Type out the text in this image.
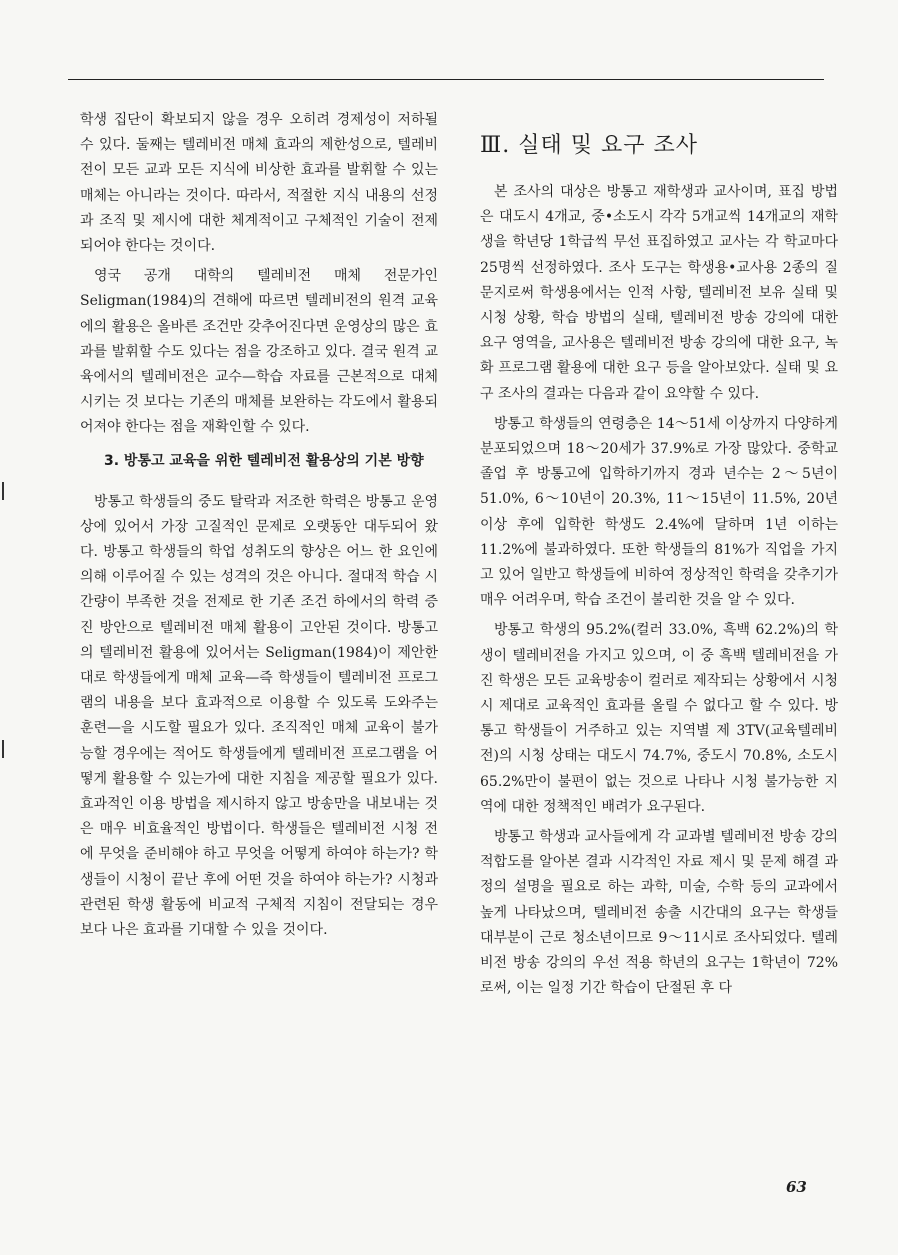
학생 집단이 확보되지 않을 경우 오히려 경제성이 저하될 수 있다. 둘째는 텔레비전 매체 효과의 제한성으로, 텔레비전이 모든 교과 모든 지식에 비상한 효과를 발휘할 수 있는 매체는 아니라는 것이다. 따라서, 적절한 지식 내용의 선정과 조직 및 제시에 대한 체계적이고 구체적인 기술이 전제되어야 한다는 것이다.

영국 공개 대학의 텔레비전 매체 전문가인 Seligman(1984)의 견해에 따르면 텔레비전의 원격 교육에의 활용은 올바른 조건만 갖추어진다면 운영상의 많은 효과를 발휘할 수도 있다는 점을 강조하고 있다. 결국 원격 교육에서의 텔레비전은 교수—학습 자료를 근본적으로 대체시키는 것 보다는 기존의 매체를 보완하는 각도에서 활용되어져야 한다는 점을 재확인할 수 있다.

3. 방통고 교육을 위한 텔레비전 활용상의 기본 방향

방통고 학생들의 중도 탈락과 저조한 학력은 방통고 운영상에 있어서 가장 고질적인 문제로 오랫동안 대두되어 왔다. 방통고 학생들의 학업 성취도의 향상은 어느 한 요인에 의해 이루어질 수 있는 성격의 것은 아니다. 절대적 학습 시간량이 부족한 것을 전제로 한 기존 조건 하에서의 학력 증진 방안으로 텔레비전 매체 활용이 고안된 것이다. 방통고의 텔레비전 활용에 있어서는 Seligman(1984)이 제안한대로 학생들에게 매체 교육—즉 학생들이 텔레비전 프로그램의 내용을 보다 효과적으로 이용할 수 있도록 도와주는 훈련—을 시도할 필요가 있다. 조직적인 매체 교육이 불가능할 경우에는 적어도 학생들에게 텔레비전 프로그램을 어떻게 활용할 수 있는가에 대한 지침을 제공할 필요가 있다. 효과적인 이용 방법을 제시하지 않고 방송만을 내보내는 것은 매우 비효율적인 방법이다. 학생들은 텔레비전 시청 전에 무엇을 준비해야 하고 무엇을 어떻게 하여야 하는가? 학생들이 시청이 끝난 후에 어떤 것을 하여야 하는가? 시청과 관련된 학생 활동에 비교적 구체적 지침이 전달되는 경우 보다 나은 효과를 기대할 수 있을 것이다.

Ⅲ. 실태 및 요구 조사

본 조사의 대상은 방통고 재학생과 교사이며, 표집 방법은 대도시 4개교, 중•소도시 각각 5개교씩 14개교의 재학생을 학년당 1학급씩 무선 표집하였고 교사는 각 학교마다 25명씩 선정하였다. 조사 도구는 학생용•교사용 2종의 질문지로써 학생용에서는 인적 사항, 텔레비전 보유 실태 및 시청 상황, 학습 방법의 실태, 텔레비전 방송 강의에 대한 요구 영역을, 교사용은 텔레비전 방송 강의에 대한 요구, 녹화 프로그램 활용에 대한 요구 등을 알아보았다. 실태 및 요구 조사의 결과는 다음과 같이 요약할 수 있다.

방통고 학생들의 연령층은 14～51세 이상까지 다양하게 분포되었으며 18～20세가 37.9%로 가장 많았다. 중학교 졸업 후 방통고에 입학하기까지 경과 년수는 2～5년이 51.0%, 6～10년이 20.3%, 11～15년이 11.5%, 20년 이상 후에 입학한 학생도 2.4%에 달하며 1년 이하는 11.2%에 불과하였다. 또한 학생들의 81%가 직업을 가지고 있어 일반고 학생들에 비하여 정상적인 학력을 갖추기가 매우 어려우며, 학습 조건이 불리한 것을 알 수 있다.

방통고 학생의 95.2%(컬러 33.0%, 흑백 62.2%)의 학생이 텔레비전을 가지고 있으며, 이 중 흑백 텔레비전을 가진 학생은 모든 교육방송이 컬러로 제작되는 상황에서 시청시 제대로 교육적인 효과를 올릴 수 없다고 할 수 있다. 방통고 학생들이 거주하고 있는 지역별 제 3TV(교육텔레비전)의 시청 상태는 대도시 74.7%, 중도시 70.8%, 소도시 65.2%만이 불편이 없는 것으로 나타나 시청 불가능한 지역에 대한 정책적인 배려가 요구된다.

방통고 학생과 교사들에게 각 교과별 텔레비전 방송 강의 적합도를 알아본 결과 시각적인 자료 제시 및 문제 해결 과정의 설명을 필요로 하는 과학, 미술, 수학 등의 교과에서 높게 나타났으며, 텔레비전 송출 시간대의 요구는 학생들 대부분이 근로 청소년이므로 9～11시로 조사되었다. 텔레비전 방송 강의의 우선 적용 학년의 요구는 1학년이 72%로써, 이는 일정 기간 학습이 단절된 후 다

63
